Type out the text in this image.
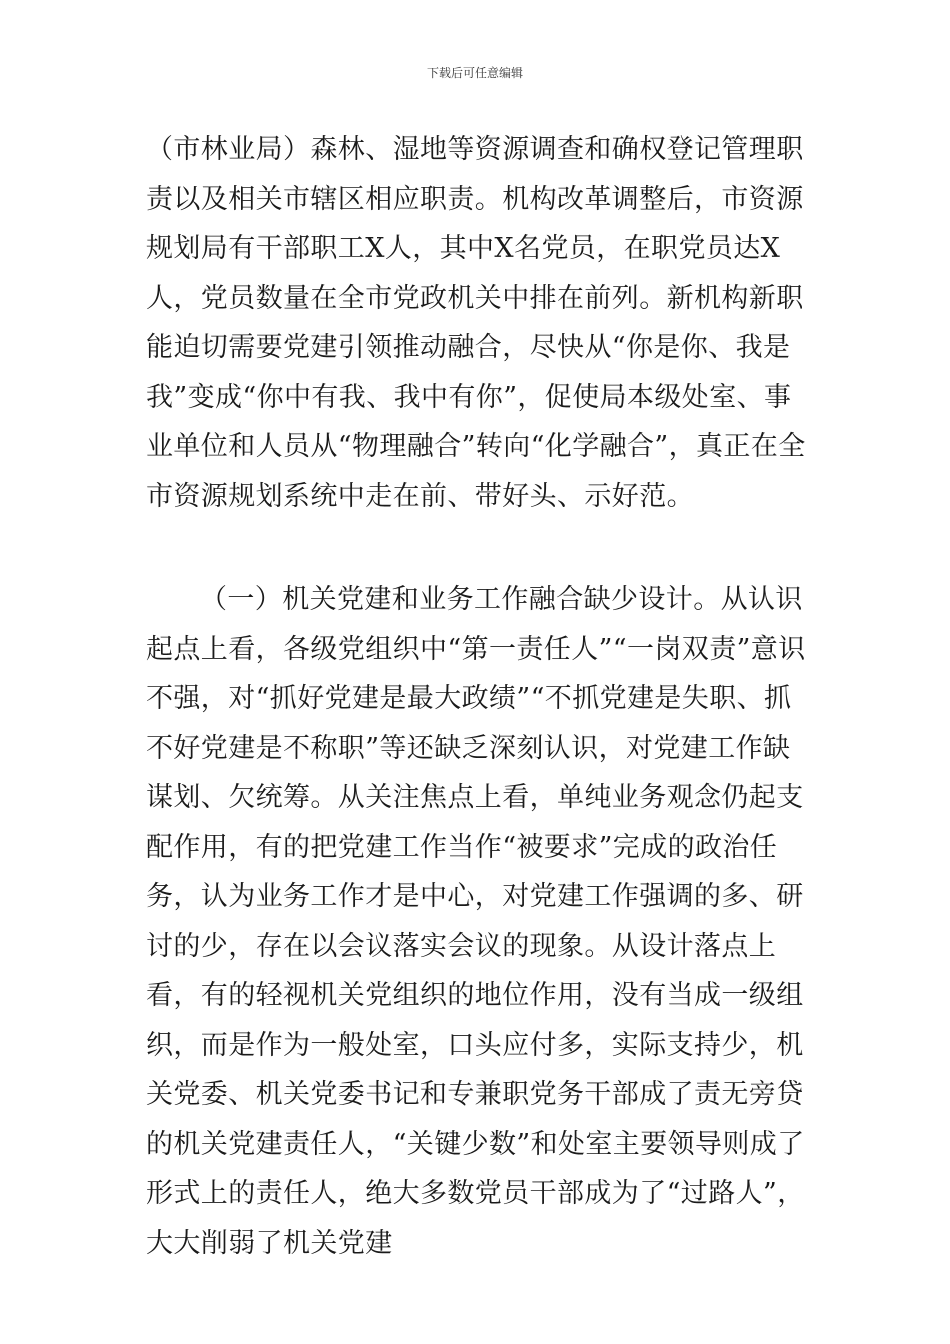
下载后可任意编辑

（市林业局）森林、湿地等资源调查和确权登记管理职责以及相关市辖区相应职责。机构改革调整后，市资源规划局有干部职工X人，其中X名党员，在职党员达X人，党员数量在全市党政机关中排在前列。新机构新职能迫切需要党建引领推动融合，尽快从“你是你、我是我”变成“你中有我、我中有你”，促使局本级处室、事业单位和人员从“物理融合”转向“化学融合”，真正在全市资源规划系统中走在前、带好头、示好范。

（一）机关党建和业务工作融合缺少设计。从认识起点上看，各级党组织中“第一责任人”“一岗双责”意识不强，对“抓好党建是最大政绩”“不抓党建是失职、抓不好党建是不称职”等还缺乏深刻认识，对党建工作缺谋划、欠统筹。从关注焦点上看，单纯业务观念仍起支配作用，有的把党建工作当作“被要求”完成的政治任务，认为业务工作才是中心，对党建工作强调的多、研讨的少，存在以会议落实会议的现象。从设计落点上看，有的轻视机关党组织的地位作用，没有当成一级组织，而是作为一般处室，口头应付多，实际支持少，机关党委、机关党委书记和专兼职党务干部成了责无旁贷的机关党建责任人，“关键少数”和处室主要领导则成了形式上的责任人，绝大多数党员干部成为了“过路人”，大大削弱了机关党建
